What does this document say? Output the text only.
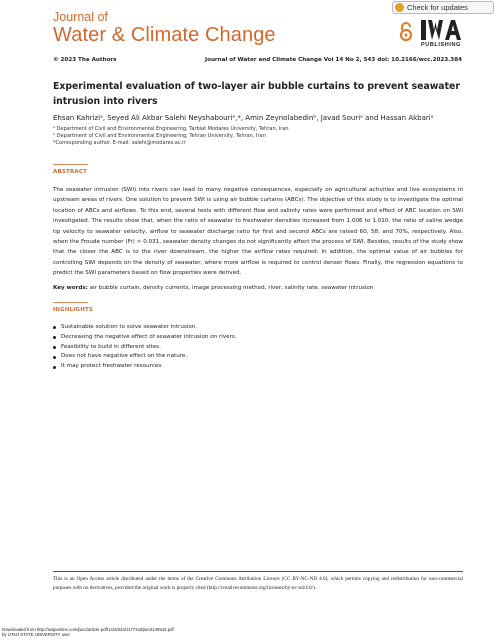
Journal of
Water & Climate Change
Check for updates
PUBLISHING
© 2023 The Authors	Journal of Water and Climate Change Vol 14 No 2, 543 doi: 10.2166/wcc.2023.384
Experimental evaluation of two-layer air bubble curtains to prevent seawater intrusion into rivers
Ehsan Kahriziᵃ, Seyed Ali Akbar Salehi Neyshabouriᵃ,*, Amin Zeynolabedinᵇ, Javad Souriᵃ and Hassan Akbariᵃ
ᵃ Department of Civil and Environmental Engineering, Tarbiat Modares University, Tehran, Iran
ᵇ Department of Civil and Environmental Engineering, Tehran University, Tehran, Iran
*Corresponding author. E-mail: salehi@modares.ac.ir
ABSTRACT
The seawater intrusion (SWI) into rivers can lead to many negative consequences, especially on agricultural activities and live ecosystems in upstream areas of rivers. One solution to prevent SWI is using air bubble curtains (ABCs). The objective of this study is to investigate the optimal location of ABCs and airflows. To this end, several tests with different flow and salinity rates were performed and effect of ABC location on SWI investigated. The results show that, when the ratio of seawater to freshwater densities increased from 1.006 to 1.010, the ratio of saline wedge tip velocity to seawater velocity, airflow to seawater discharge ratio for first and second ABCs are raised 60, 58, and 70%, respectively. Also, when the Froude number (Fr) > 0.031, seawater density changes do not significantly affect the process of SWI. Besides, results of the study show that the closer the ABC is to the river downstream, the higher the airflow rates required. In addition, the optimal value of air bubbles for controlling SWI depends on the density of seawater, where more airflow is required to control denser flows. Finally, the regression equations to predict the SWI parameters based on flow properties were derived.
Key words: air bubble curtain, density currents, image processing method, river, salinity rate, seawater intrusion
HIGHLIGHTS
Sustainable solution to solve seawater intrusion.
Decreasing the negative effect of seawater intrusion on rivers.
Feasibility to build in different sites.
Does not have negative effect on the nature.
It may protect freshwater resources.
This is an Open Access article distributed under the terms of the Creative Commons Attribution Licence (CC BY-NC-ND 4.0), which permits copying and redistribution for non-commercial purposes with no derivatives, provided the original work is properly cited (http://creativecommons.org/licenses/by-nc-nd/4.0/).
Downloaded from http://iwaponline.com/jwcc/article-pdf/14/2/543/1177443/jwc0140543.pdf
by UTAH STATE UNIVERSITY user
